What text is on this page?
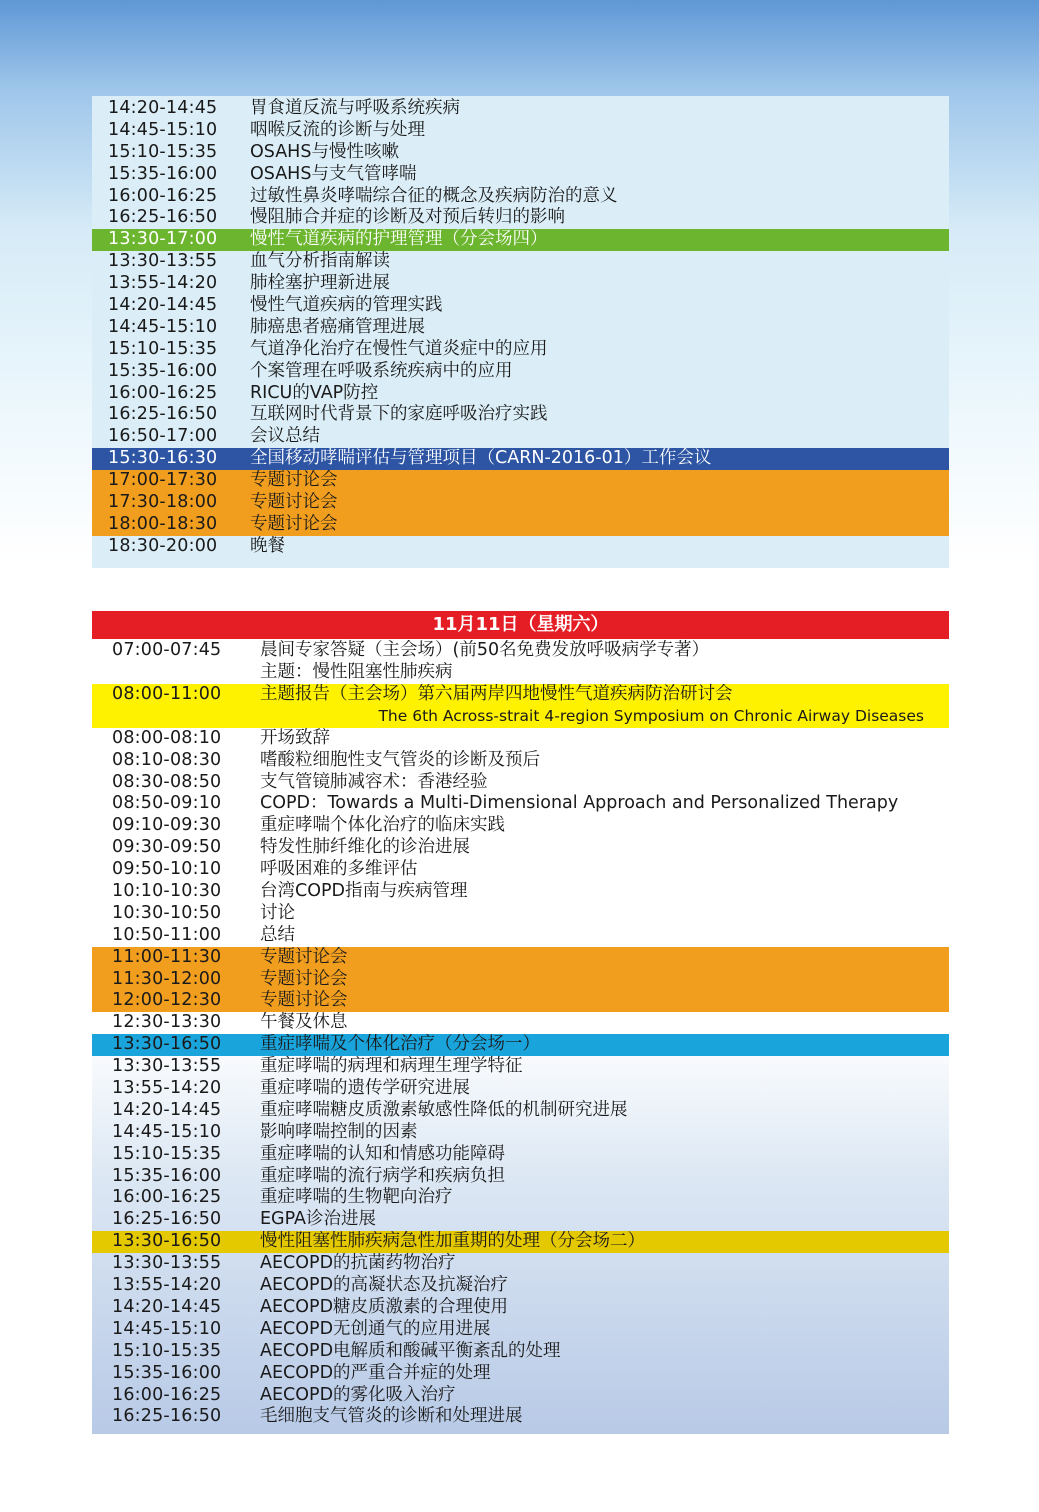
14:20-14:45 胃食道反流与呼吸系统疾病
14:45-15:10 咽喉反流的诊断与处理
15:10-15:35 OSAHS与慢性咳嗽
15:35-16:00 OSAHS与支气管哮喘
16:00-16:25 过敏性鼻炎哮喘综合征的概念及疾病防治的意义
16:25-16:50 慢阻肺合并症的诊断及对预后转归的影响
13:30-17:00 慢性气道疾病的护理管理（分会场四）
13:30-13:55 血气分析指南解读
13:55-14:20 肺栓塞护理新进展
14:20-14:45 慢性气道疾病的管理实践
14:45-15:10 肺癌患者癌痛管理进展
15:10-15:35 气道净化治疗在慢性气道炎症中的应用
15:35-16:00 个案管理在呼吸系统疾病中的应用
16:00-16:25 RICU的VAP防控
16:25-16:50 互联网时代背景下的家庭呼吸治疗实践
16:50-17:00 会议总结
15:30-16:30 全国移动哮喘评估与管理项目（CARN-2016-01）工作会议
17:00-17:30 专题讨论会
17:30-18:00 专题讨论会
18:00-18:30 专题讨论会
18:30-20:00 晚餐
11月11日（星期六）
07:00-07:45 晨间专家答疑（主会场）(前50名免费发放呼吸病学专著）
主题：慢性阻塞性肺疾病
08:00-11:00 主题报告（主会场）第六届两岸四地慢性气道疾病防治研讨会
The 6th Across-strait 4-region Symposium on Chronic Airway Diseases
08:00-08:10 开场致辞
08:10-08:30 嗜酸粒细胞性支气管炎的诊断及预后
08:30-08:50 支气管镜肺减容术：香港经验
08:50-09:10 COPD：Towards a Multi-Dimensional Approach and Personalized Therapy
09:10-09:30 重症哮喘个体化治疗的临床实践
09:30-09:50 特发性肺纤维化的诊治进展
09:50-10:10 呼吸困难的多维评估
10:10-10:30 台湾COPD指南与疾病管理
10:30-10:50 讨论
10:50-11:00 总结
11:00-11:30 专题讨论会
11:30-12:00 专题讨论会
12:00-12:30 专题讨论会
12:30-13:30 午餐及休息
13:30-16:50 重症哮喘及个体化治疗（分会场一）
13:30-13:55 重症哮喘的病理和病理生理学特征
13:55-14:20 重症哮喘的遗传学研究进展
14:20-14:45 重症哮喘糖皮质激素敏感性降低的机制研究进展
14:45-15:10 影响哮喘控制的因素
15:10-15:35 重症哮喘的认知和情感功能障碍
15:35-16:00 重症哮喘的流行病学和疾病负担
16:00-16:25 重症哮喘的生物靶向治疗
16:25-16:50 EGPA诊治进展
13:30-16:50 慢性阻塞性肺疾病急性加重期的处理（分会场二）
13:30-13:55 AECOPD的抗菌药物治疗
13:55-14:20 AECOPD的高凝状态及抗凝治疗
14:20-14:45 AECOPD糖皮质激素的合理使用
14:45-15:10 AECOPD无创通气的应用进展
15:10-15:35 AECOPD电解质和酸碱平衡紊乱的处理
15:35-16:00 AECOPD的严重合并症的处理
16:00-16:25 AECOPD的雾化吸入治疗
16:25-16:50 毛细胞支气管炎的诊断和处理进展
